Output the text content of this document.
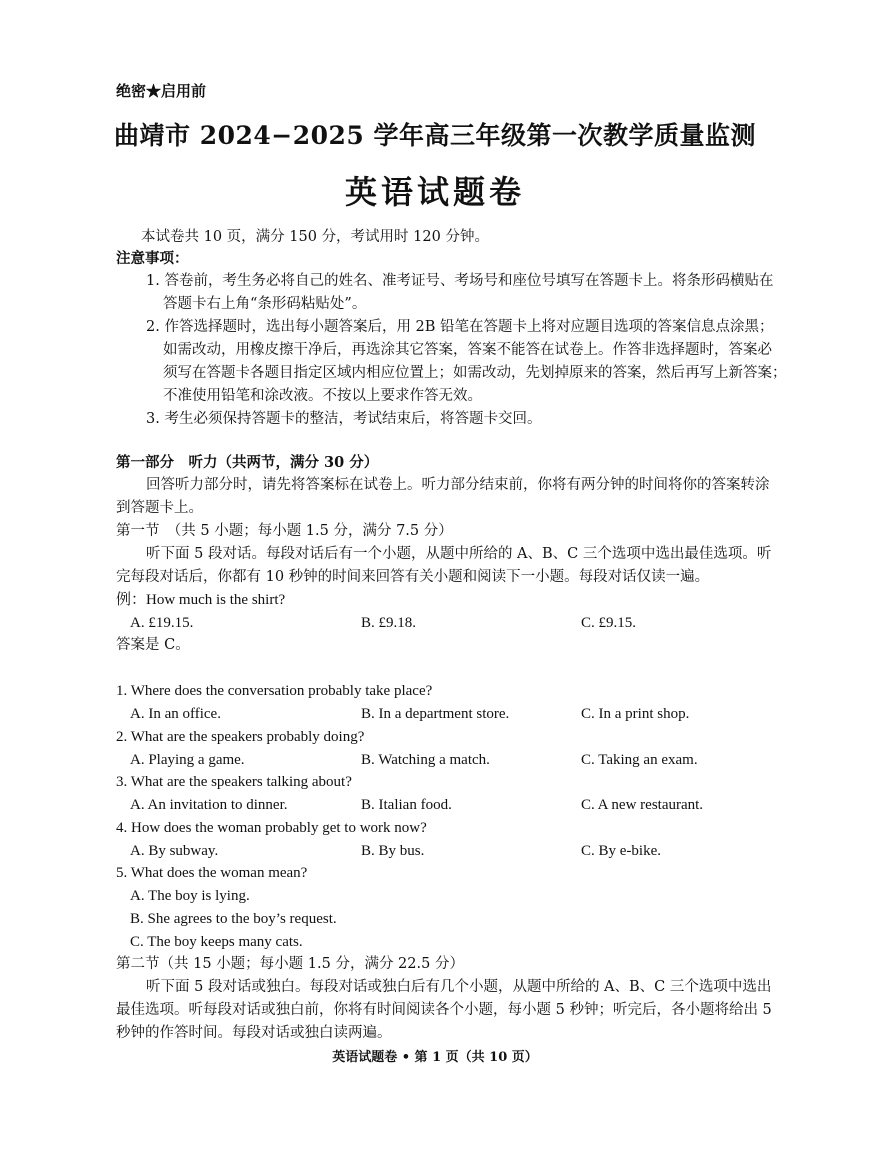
绝密★启用前
曲靖市 2024−2025 学年高三年级第一次教学质量监测
英语试题卷
本试卷共 10 页，满分 150 分，考试用时 120 分钟。
注意事项：
1. 答卷前，考生务必将自己的姓名、准考证号、考场号和座位号填写在答题卡上。将条形码横贴在
答题卡右上角“条形码粘贴处”。
2. 作答选择题时，选出每小题答案后，用 2B 铅笔在答题卡上将对应题目选项的答案信息点涂黑；
如需改动，用橡皮擦干净后，再选涂其它答案，答案不能答在试卷上。作答非选择题时，答案必
须写在答题卡各题目指定区域内相应位置上；如需改动，先划掉原来的答案，然后再写上新答案；
不准使用铅笔和涂改液。不按以上要求作答无效。
3. 考生必须保持答题卡的整洁，考试结束后，将答题卡交回。
第一部分　听力（共两节，满分 30 分）
回答听力部分时，请先将答案标在试卷上。听力部分结束前，你将有两分钟的时间将你的答案转涂
到答题卡上。
第一节　（共 5 小题；每小题 1.5 分，满分 7.5 分）
听下面 5 段对话。每段对话后有一个小题，从题中所给的 A、B、C 三个选项中选出最佳选项。听
完每段对话后，你都有 10 秒钟的时间来回答有关小题和阅读下一小题。每段对话仅读一遍。
例：How much is the shirt?
A. £19.15.	B. £9.18.	C. £9.15.
答案是 C。
1. Where does the conversation probably take place?
A. In an office.	B. In a department store.	C. In a print shop.
2. What are the speakers probably doing?
A. Playing a game.	B. Watching a match.	C. Taking an exam.
3. What are the speakers talking about?
A. An invitation to dinner.	B. Italian food.	C. A new restaurant.
4. How does the woman probably get to work now?
A. By subway.	B. By bus.	C. By e-bike.
5. What does the woman mean?
A. The boy is lying.
B. She agrees to the boy’s request.
C. The boy keeps many cats.
第二节（共 15 小题；每小题 1.5 分，满分 22.5 分）
听下面 5 段对话或独白。每段对话或独白后有几个小题，从题中所给的 A、B、C 三个选项中选出
最佳选项。听每段对话或独白前，你将有时间阅读各个小题，每小题 5 秒钟；听完后，各小题将给出 5
秒钟的作答时间。每段对话或独白读两遍。
英语试题卷 • 第 1 页（共 10 页）
